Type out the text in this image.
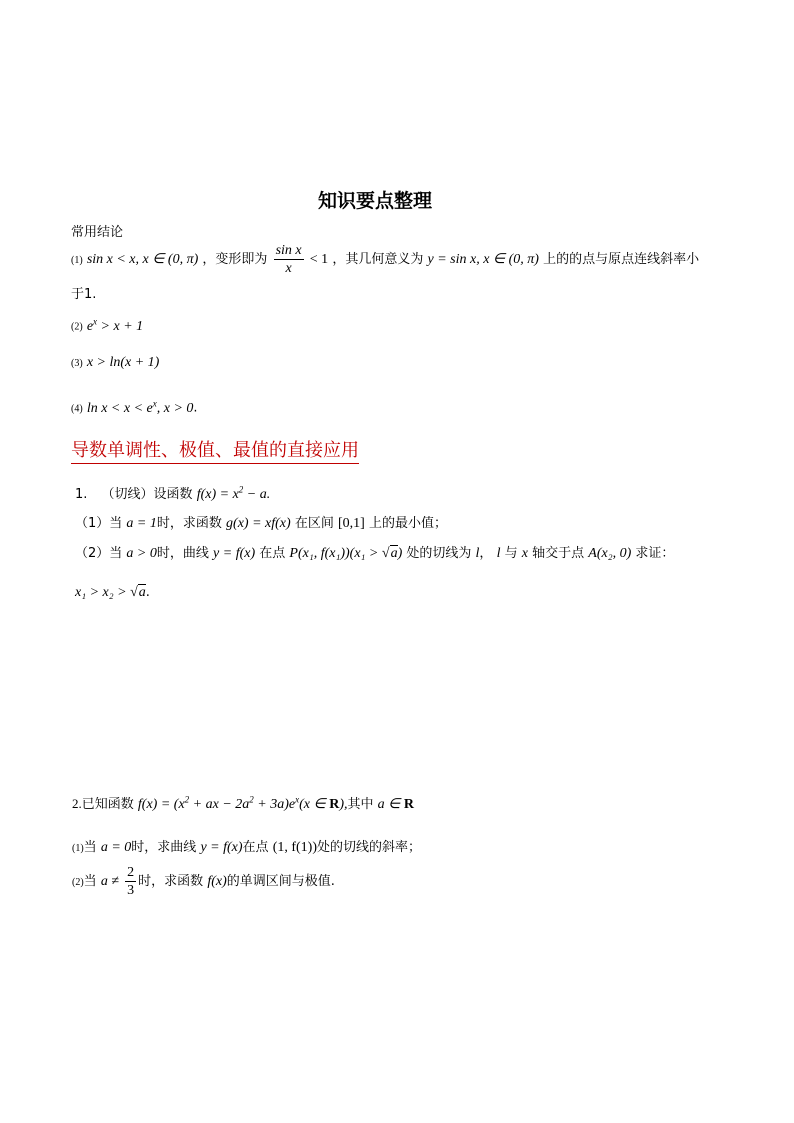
知识要点整理
常用结论
(1) sin x < x, x ∈ (0, π) ，变形即为 $\frac{\text{sin x}}{x} < 1$ ，其几何意义为 y = sin x, x ∈ (0, π) 上的的点与原点连线斜率小
于1.
(2) $e^x > x + 1$
(3) x > ln(x + 1)
(4) $\ln x < x < e^x$, x > 0.
导数单调性、极值、最值的直接应用
1. （切线）设函数 $f(x) = x^2 - a$.
（1）当 a = 1时，求函数 g(x) = xf(x) 在区间 [0,1] 上的最小值；
（2）当 a > 0时，曲线 y = f(x) 在点 P(x₁, f(x₁))(x₁ > √a) 处的切线为 l， l 与 x 轴交于点 A(x₂, 0) 求证：
x₁ > x₂ > √a.
2.已知函数 $f(x) = (x^2$ + ax − $2a^2 + 3a)e^x(x$ ∈ R),其中 a ∈ R
(1)当 a = 0时，求曲线 y = f(x)在点 (1, f(1))处的切线的斜率；
(2)当 $a \ne \frac{2}{3}$ 时，求函数 f(x)的单调区间与极值.
